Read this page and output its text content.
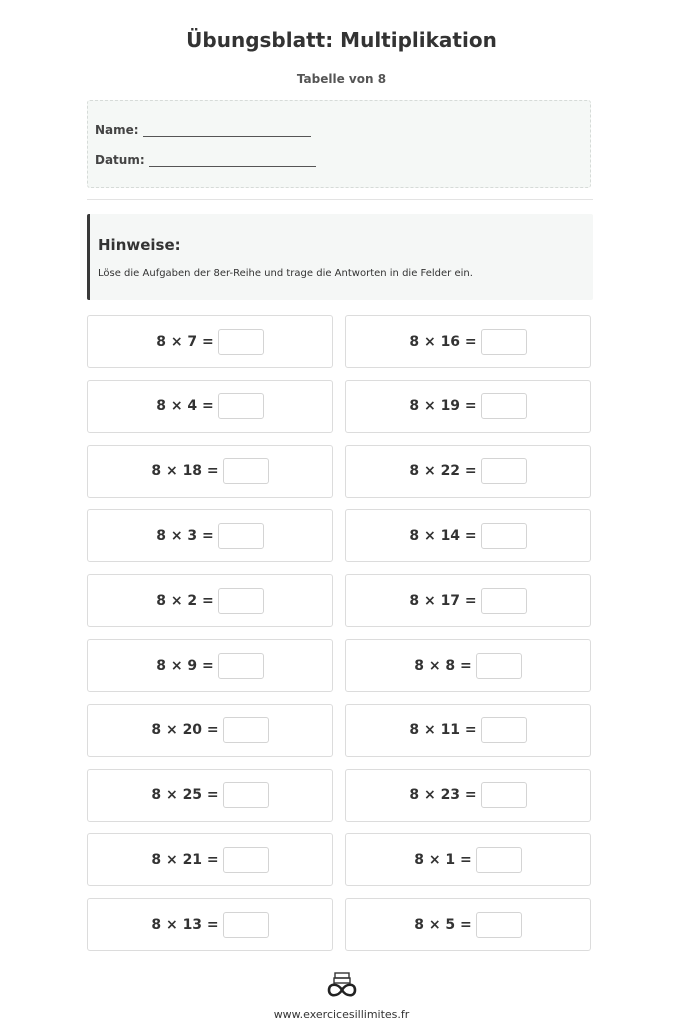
Übungsblatt: Multiplikation
Tabelle von 8
Name:
Datum:
Hinweise:
Löse die Aufgaben der 8er-Reihe und trage die Antworten in die Felder ein.
8 × 7 =	8 × 16 =
8 × 4 =	8 × 19 =
8 × 18 =	8 × 22 =
8 × 3 =	8 × 14 =
8 × 2 =	8 × 17 =
8 × 9 =	8 × 8 =
8 × 20 =	8 × 11 =
8 × 25 =	8 × 23 =
8 × 21 =	8 × 1 =
8 × 13 =	8 × 5 =
www.exercicesillimites.fr
